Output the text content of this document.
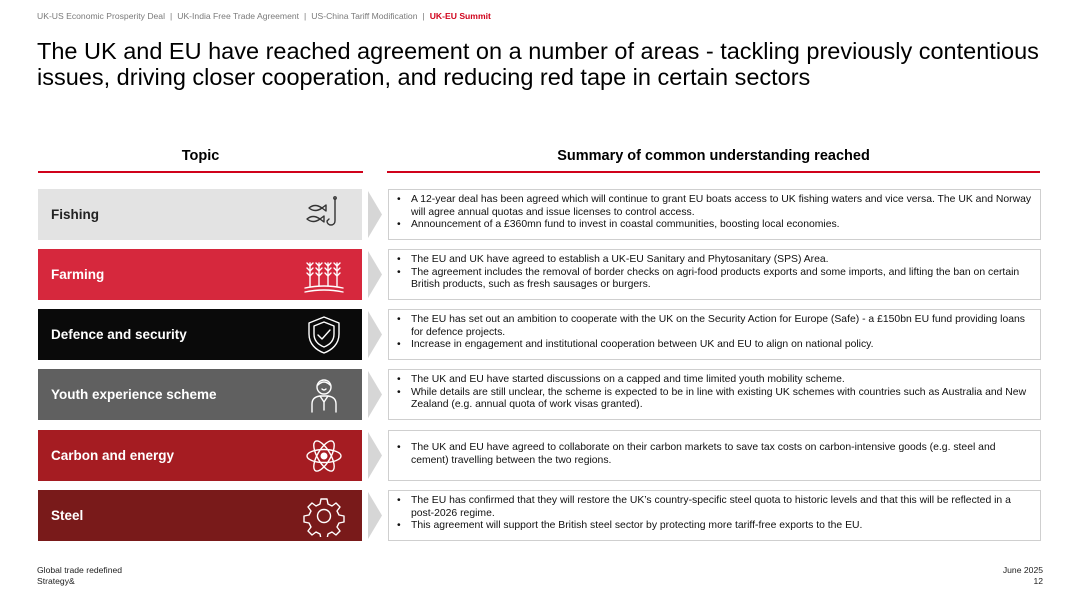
UK-US Economic Prosperity Deal | UK-India Free Trade Agreement | US-China Tariff Modification | UK-EU Summit
The UK and EU have reached agreement on a number of areas - tackling previously contentious issues, driving closer cooperation, and reducing red tape in certain sectors
Topic	Summary of common understanding reached
Fishing
• A 12-year deal has been agreed which will continue to grant EU boats access to UK fishing waters and vice versa. The UK and Norway will agree annual quotas and issue licenses to control access.
• Announcement of a £360mn fund to invest in coastal communities, boosting local economies.
Farming
• The EU and UK have agreed to establish a UK-EU Sanitary and Phytosanitary (SPS) Area.
• The agreement includes the removal of border checks on agri-food products exports and some imports, and lifting the ban on certain British products, such as fresh sausages or burgers.
Defence and security
• The EU has set out an ambition to cooperate with the UK on the Security Action for Europe (Safe) - a £150bn EU fund providing loans for defence projects.
• Increase in engagement and institutional cooperation between UK and EU to align on national policy.
Youth experience scheme
• The UK and EU have started discussions on a capped and time limited youth mobility scheme.
• While details are still unclear, the scheme is expected to be in line with existing UK schemes with countries such as Australia and New Zealand (e.g. annual quota of work visas granted).
Carbon and energy
• The UK and EU have agreed to collaborate on their carbon markets to save tax costs on carbon-intensive goods (e.g. steel and cement) travelling between the two regions.
Steel
• The EU has confirmed that they will restore the UK’s country-specific steel quota to historic levels and that this will be reflected in a post-2026 regime.
• This agreement will support the British steel sector by protecting more tariff-free exports to the EU.
Global trade redefined
Strategy&
June 2025
12
